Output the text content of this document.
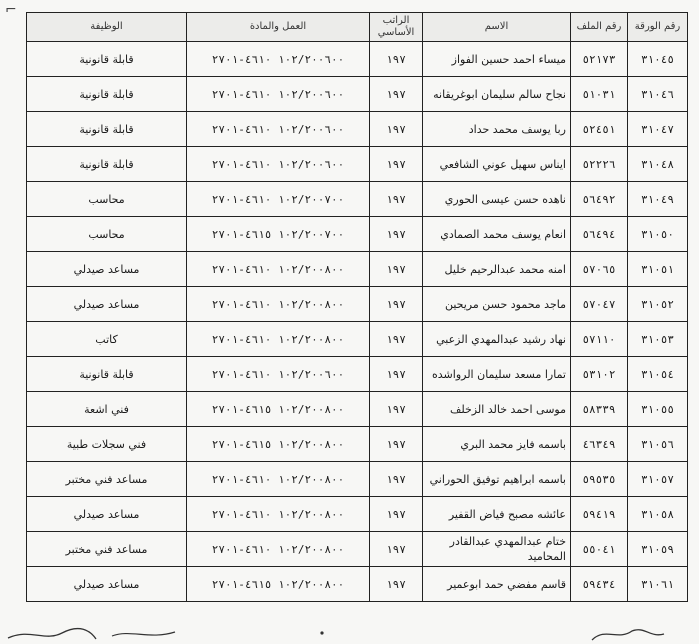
⌐
رقم الورقة	رقم الملف	الاسم	الراتب الأساسي	العمل والمادة	الوظيفة
٣١٠٤٥	٥٢١٧٣	ميساء احمد حسين الفواز	١٩٧	١٠٢/٢٠٠٦٠٠ ٤٦١٠-٢٧٠١	قابلة قانونية
٣١٠٤٦	٥١٠٣١	نجاح سالم سليمان ابوغريقانه	١٩٧	١٠٢/٢٠٠٦٠٠ ٤٦١٠-٢٧٠١	قابلة قانونية
٣١٠٤٧	٥٢٤٥١	ربا يوسف محمد حداد	١٩٧	١٠٢/٢٠٠٦٠٠ ٤٦١٠-٢٧٠١	قابلة قانونية
٣١٠٤٨	٥٢٢٢٦	ايناس سهيل عوني الشافعي	١٩٧	١٠٢/٢٠٠٦٠٠ ٤٦١٠-٢٧٠١	قابلة قانونية
٣١٠٤٩	٥٦٤٩٢	ناهده حسن عيسى الحوري	١٩٧	١٠٢/٢٠٠٧٠٠ ٤٦١٠-٢٧٠١	محاسب
٣١٠٥٠	٥٦٤٩٤	انعام يوسف محمد الصمادي	١٩٧	١٠٢/٢٠٠٧٠٠ ٤٦١٥-٢٧٠١	محاسب
٣١٠٥١	٥٧٠٦٥	امنه محمد عبدالرحيم خليل	١٩٧	١٠٢/٢٠٠٨٠٠ ٤٦١٠-٢٧٠١	مساعد صيدلي
٣١٠٥٢	٥٧٠٤٧	ماجد محمود حسن مريحين	١٩٧	١٠٢/٢٠٠٨٠٠ ٤٦١٠-٢٧٠١	مساعد صيدلي
٣١٠٥٣	٥٧١١٠	نهاد رشيد عبدالمهدي الزعبي	١٩٧	١٠٢/٢٠٠٨٠٠ ٤٦١٠-٢٧٠١	كاتب
٣١٠٥٤	٥٣١٠٢	تمارا مسعد سليمان الرواشده	١٩٧	١٠٢/٢٠٠٦٠٠ ٤٦١٠-٢٧٠١	قابلة قانونية
٣١٠٥٥	٥٨٣٣٩	موسى احمد خالد الزخلف	١٩٧	١٠٢/٢٠٠٨٠٠ ٤٦١٥-٢٧٠١	فني اشعة
٣١٠٥٦	٤٦٣٤٩	باسمه فايز محمد البري	١٩٧	١٠٢/٢٠٠٨٠٠ ٤٦١٥-٢٧٠١	فني سجلات طبية
٣١٠٥٧	٥٩٥٣٥	باسمه ابراهيم توفيق الحوراني	١٩٧	١٠٢/٢٠٠٨٠٠ ٤٦١٠-٢٧٠١	مساعد فني مختبر
٣١٠٥٨	٥٩٤١٩	عائشه مصبح فياض القفير	١٩٧	١٠٢/٢٠٠٨٠٠ ٤٦١٠-٢٧٠١	مساعد صيدلي
٣١٠٥٩	٥٥٠٤١	ختام عبدالمهدي عبدالقادر المحاميد	١٩٧	١٠٢/٢٠٠٨٠٠ ٤٦١٠-٢٧٠١	مساعد فني مختبر
٣١٠٦١	٥٩٤٣٤	قاسم مفضي حمد ابوعمير	١٩٧	١٠٢/٢٠٠٨٠٠ ٤٦١٥-٢٧٠١	مساعد صيدلي
